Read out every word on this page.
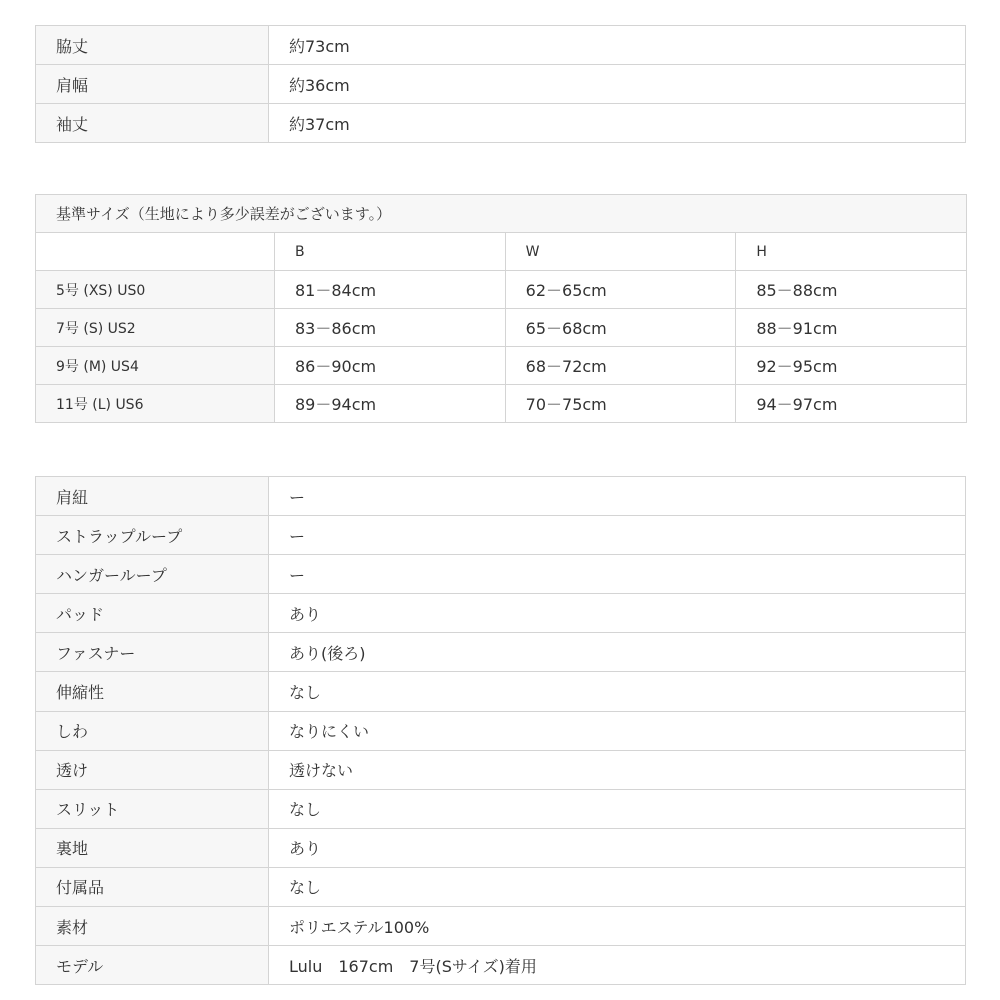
脇丈	約73cm
肩幅	約36cm
袖丈	約37cm
基準サイズ（生地により多少誤差がございます。）			
	B	W	H
5号 (XS) US0	81－84cm	62－65cm	85－88cm
7号 (S) US2	83－86cm	65－68cm	88－91cm
9号 (M) US4	86－90cm	68－72cm	92－95cm
11号 (L) US6	89－94cm	70－75cm	94－97cm
肩紐	ー
ストラップループ	ー
ハンガーループ	ー
パッド	あり
ファスナー	あり(後ろ)
伸縮性	なし
しわ	なりにくい
透け	透けない
スリット	なし
裏地	あり
付属品	なし
素材	ポリエステル100%
モデル	Lulu　167cm　7号(Sサイズ)着用
